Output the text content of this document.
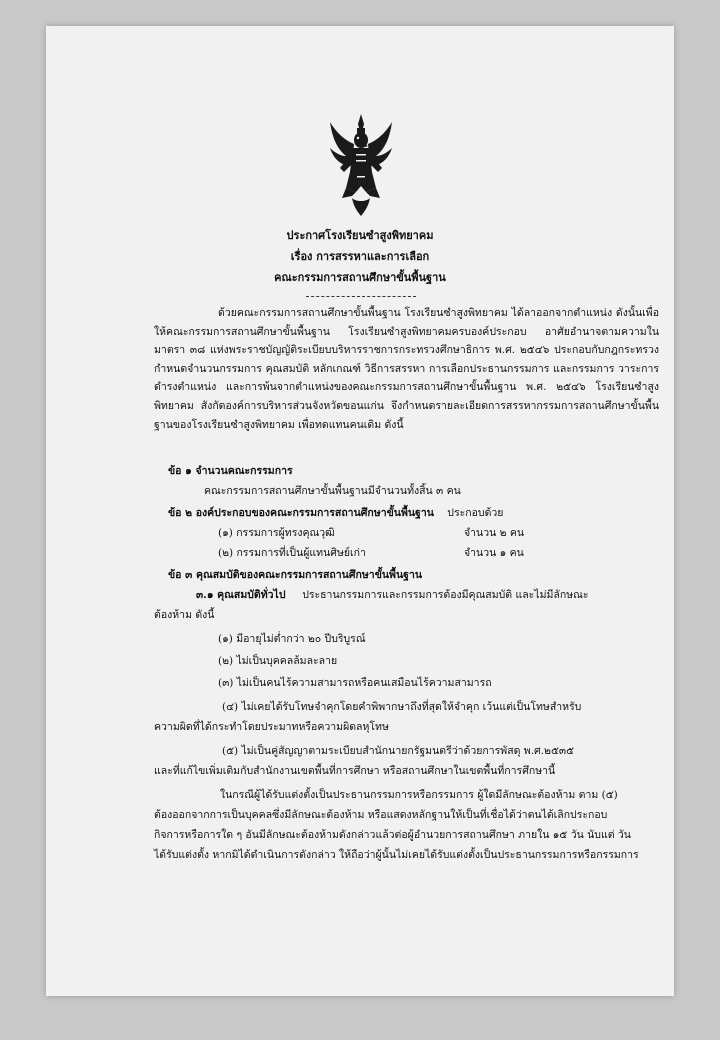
ประกาศโรงเรียนซำสูงพิทยาคม
เรื่อง การสรรหาและการเลือก
คณะกรรมการสถานศึกษาขั้นพื้นฐาน
ด้วยคณะกรรมการสถานศึกษาขั้นพื้นฐาน โรงเรียนซำสูงพิทยาคม ได้ลาออกจากตำแหน่ง ดังนั้นเพื่อให้คณะกรรมการสถานศึกษาขั้นพื้นฐาน โรงเรียนซำสูงพิทยาคมครบองค์ประกอบ อาศัยอำนาจตามความในมาตรา ๓๘ แห่งพระราชบัญญัติระเบียบบริหารราชการกระทรวงศึกษาธิการ พ.ศ. ๒๕๔๖ ประกอบกับกฎกระทรวงกำหนดจำนวนกรรมการ คุณสมบัติ หลักเกณฑ์ วิธีการสรรหา การเลือกประธานกรรมการ และกรรมการ วาระการดำรงตำแหน่ง และการพ้นจากตำแหน่งของคณะกรรมการสถานศึกษาขั้นพื้นฐาน พ.ศ. ๒๕๔๖ โรงเรียนซำสูงพิทยาคม สังกัดองค์การบริหารส่วนจังหวัดขอนแก่น จึงกำหนดรายละเอียดการสรรหากรรมการสถานศึกษาขั้นพื้นฐานของโรงเรียนซำสูงพิทยาคม เพื่อทดแทนคนเดิม ดังนี้
ข้อ ๑ จำนวนคณะกรรมการ
คณะกรรมการสถานศึกษาขั้นพื้นฐานมีจำนวนทั้งสิ้น ๓ คน
ข้อ ๒ องค์ประกอบของคณะกรรมการสถานศึกษาขั้นพื้นฐาน ประกอบด้วย
(๑) กรรมการผู้ทรงคุณวุฒิ	จำนวน ๒ คน
(๒) กรรมการที่เป็นผู้แทนศิษย์เก่า	จำนวน ๑ คน
ข้อ ๓ คุณสมบัติของคณะกรรมการสถานศึกษาขั้นพื้นฐาน
๓.๑ คุณสมบัติทั่วไป ประธานกรรมการและกรรมการต้องมีคุณสมบัติ และไม่มีลักษณะ
ต้องห้าม ดังนี้
(๑) มีอายุไม่ต่ำกว่า ๒๐ ปีบริบูรณ์
(๒) ไม่เป็นบุคคลล้มละลาย
(๓) ไม่เป็นคนไร้ความสามารถหรือคนเสมือนไร้ความสามารถ
(๔) ไม่เคยได้รับโทษจำคุกโดยคำพิพากษาถึงที่สุดให้จำคุก เว้นแต่เป็นโทษสำหรับ
ความผิดที่ได้กระทำโดยประมาทหรือความผิดลหุโทษ
(๕) ไม่เป็นคู่สัญญาตามระเบียบสำนักนายกรัฐมนตรีว่าด้วยการพัสดุ พ.ศ.๒๕๓๕
และที่แก้ไขเพิ่มเติมกับสำนักงานเขตพื้นที่การศึกษา หรือสถานศึกษาในเขตพื้นที่การศึกษานี้
ในกรณีผู้ได้รับแต่งตั้งเป็นประธานกรรมการหรือกรรมการ ผู้ใดมีลักษณะต้องห้าม ตาม (๕)
ต้องออกจากการเป็นบุคคลซึ่งมีลักษณะต้องห้าม หรือแสดงหลักฐานให้เป็นที่เชื่อได้ว่าตนได้เลิกประกอบ
กิจการหรือการใด ๆ อันมีลักษณะต้องห้ามดังกล่าวแล้วต่อผู้อำนวยการสถานศึกษา ภายใน ๑๕ วัน นับแต่ วัน
ได้รับแต่งตั้ง หากมิได้ดำเนินการดังกล่าว ให้ถือว่าผู้นั้นไม่เคยได้รับแต่งตั้งเป็นประธานกรรมการหรือกรรมการ
